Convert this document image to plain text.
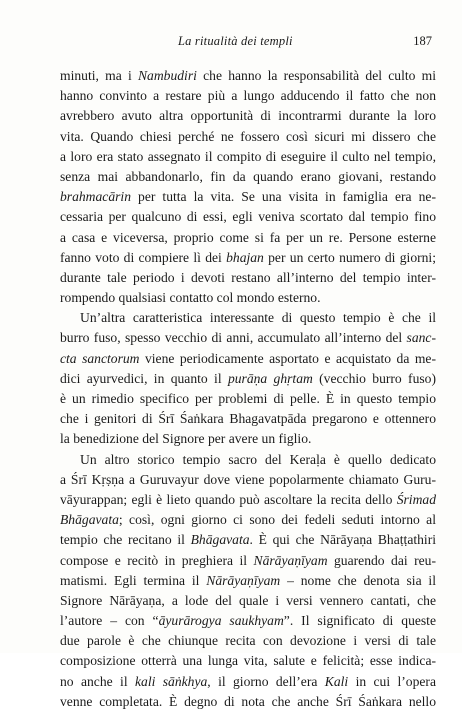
La ritualità dei templi	187
minuti, ma i Nambudiri che hanno la responsabilità del culto mi
hanno convinto a restare più a lungo adducendo il fatto che non
avrebbero avuto altra opportunità di incontrarmi durante la loro
vita. Quando chiesi perché ne fossero così sicuri mi dissero che
a loro era stato assegnato il compito di eseguire il culto nel tempio,
senza mai abbandonarlo, fin da quando erano giovani, restando
brahmacārin per tutta la vita. Se una visita in famiglia era ne-
cessaria per qualcuno di essi, egli veniva scortato dal tempio fino
a casa e viceversa, proprio come si fa per un re. Persone esterne
fanno voto di compiere lì dei bhajan per un certo numero di giorni;
durante tale periodo i devoti restano all’interno del tempio inter-
rompendo qualsiasi contatto col mondo esterno.
Un’altra caratteristica interessante di questo tempio è che il
burro fuso, spesso vecchio di anni, accumulato all’interno del sanc-
cta sanctorum viene periodicamente asportato e acquistato da me-
dici ayurvedici, in quanto il purāṇa ghṛtam (vecchio burro fuso)
è un rimedio specifico per problemi di pelle. È in questo tempio
che i genitori di Śrī Śaṅkara Bhagavatpāda pregarono e ottennero
la benedizione del Signore per avere un figlio.
Un altro storico tempio sacro del Keraḷa è quello dedicato
a Śrī Kṛṣṇa a Guruvayur dove viene popolarmente chiamato Guru-
vāyurappan; egli è lieto quando può ascoltare la recita dello Śrimad
Bhāgavata; così, ogni giorno ci sono dei fedeli seduti intorno al
tempio che recitano il Bhāgavata. È qui che Nārāyaṇa Bhaṭṭathiri
compose e recitò in preghiera il Nārāyaṇīyam guarendo dai reu-
matismi. Egli termina il Nārāyaṇīyam – nome che denota sia il
Signore Nārāyaṇa, a lode del quale i versi vennero cantati, che
l’autore – con “āyurārogya saukhyam”. Il significato di queste
due parole è che chiunque recita con devozione i versi di tale
composizione otterrà una lunga vita, salute e felicità; esse indica-
no anche il kali sāṅkhya, il giorno dell’era Kali in cui l’opera
venne completata. È degno di nota che anche Śrī Śaṅkara nello
